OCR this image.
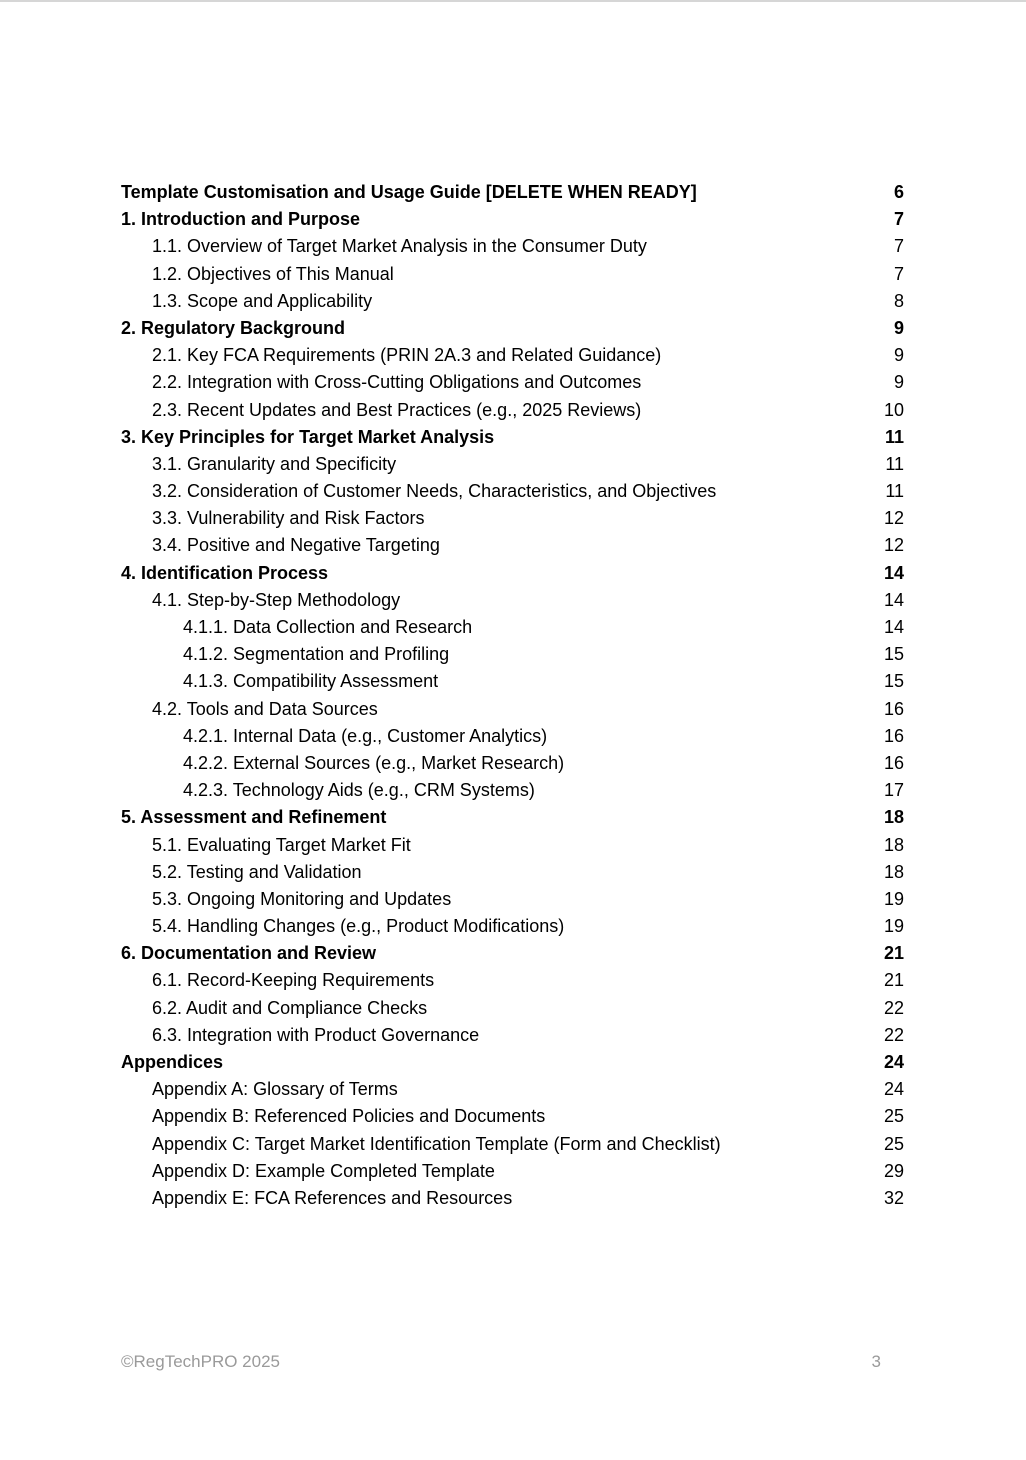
Template Customisation and Usage Guide [DELETE WHEN READY]	6
1. Introduction and Purpose	7
1.1. Overview of Target Market Analysis in the Consumer Duty	7
1.2. Objectives of This Manual	7
1.3. Scope and Applicability	8
2. Regulatory Background	9
2.1. Key FCA Requirements (PRIN 2A.3 and Related Guidance)	9
2.2. Integration with Cross-Cutting Obligations and Outcomes	9
2.3. Recent Updates and Best Practices (e.g., 2025 Reviews)	10
3. Key Principles for Target Market Analysis	11
3.1. Granularity and Specificity	11
3.2. Consideration of Customer Needs, Characteristics, and Objectives	11
3.3. Vulnerability and Risk Factors	12
3.4. Positive and Negative Targeting	12
4. Identification Process	14
4.1. Step-by-Step Methodology	14
4.1.1. Data Collection and Research	14
4.1.2. Segmentation and Profiling	15
4.1.3. Compatibility Assessment	15
4.2. Tools and Data Sources	16
4.2.1. Internal Data (e.g., Customer Analytics)	16
4.2.2. External Sources (e.g., Market Research)	16
4.2.3. Technology Aids (e.g., CRM Systems)	17
5. Assessment and Refinement	18
5.1. Evaluating Target Market Fit	18
5.2. Testing and Validation	18
5.3. Ongoing Monitoring and Updates	19
5.4. Handling Changes (e.g., Product Modifications)	19
6. Documentation and Review	21
6.1. Record-Keeping Requirements	21
6.2. Audit and Compliance Checks	22
6.3. Integration with Product Governance	22
Appendices	24
Appendix A: Glossary of Terms	24
Appendix B: Referenced Policies and Documents	25
Appendix C: Target Market Identification Template (Form and Checklist)	25
Appendix D: Example Completed Template	29
Appendix E: FCA References and Resources	32
©RegTechPRO 2025	3
